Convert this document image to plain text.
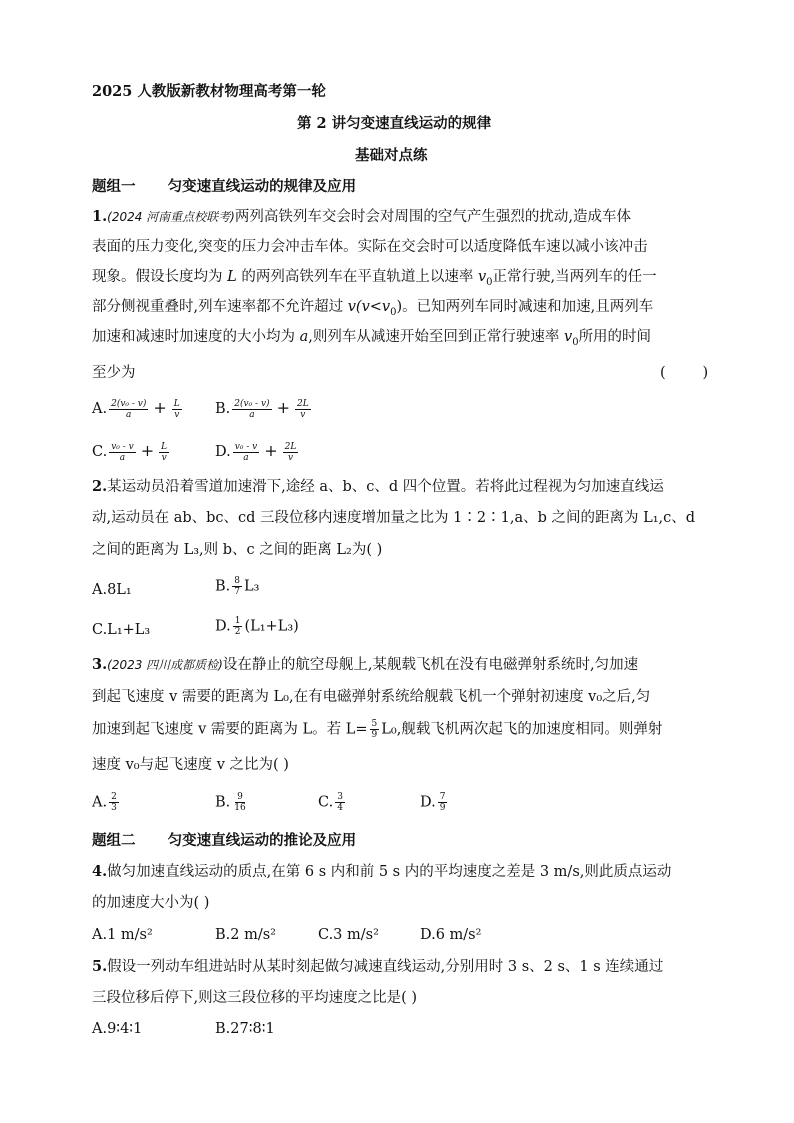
2025 人教版新教材物理高考第一轮
第 2 讲匀变速直线运动的规律
基础对点练
题组一 匀变速直线运动的规律及应用
1.(2024 河南重点校联考)两列高铁列车交会时会对周围的空气产生强烈的扰动,造成车体
表面的压力变化,突变的压力会冲击车体。实际在交会时可以适度降低车速以减小该冲击
现象。假设长度均为 L 的两列高铁列车在平直轨道上以速率 $v_0$正常行驶,当两列车的任一
部分侧视重叠时,列车速率都不允许超过 $v(v<v_0)$。已知两列车同时减速和加速,且两列车
加速和减速时加速度的大小均为 a,则列车从减速开始至回到正常行驶速率 $v_0$所用的时间
至少为	(        )
A. $\frac{\text{2(v₀ - v)}}{a} + \frac{L}{v} B$. $\frac{\text{2(v₀ - v)}}{a} + \frac{2L}{v}$
C. $\frac{\text{v₀ - v}}{a} + \frac{L}{v}$	D. $\frac{\text{v₀ - v}}{a} + \frac{2L}{v}$
2.某运动员沿着雪道加速滑下,途经 a、b、c、d 四个位置。若将此过程视为匀加速直线运
动,运动员在 ab、bc、cd 三段位移内速度增加量之比为 1∶2∶1,a、b 之间的距离为 L₁,c、d
之间的距离为 L₃,则 b、c 之间的距离 L₂为( )
A.8L₁	B. $\frac{8}{7} L_3$
C.L₁+L₃	D. $\frac{1}{2} (L_1+L_3)$
3.(2023 四川成都质检)设在静止的航空母舰上,某舰载飞机在没有电磁弹射系统时,匀加速
到起飞速度 v 需要的距离为 L₀,在有电磁弹射系统给舰载飞机一个弹射初速度 v₀之后,匀
加速到起飞速度 v 需要的距离为 L。若 $L= \frac{5}{9} L_0$,舰载飞机两次起飞的加速度相同。则弹射
速度 v₀与起飞速度 v 之比为( )
A. $\frac{2}{3}$	B. $\frac{9}{16}$	C. $\frac{3}{4}$	D. $\frac{7}{9}$
题组二 匀变速直线运动的推论及应用
4.做匀加速直线运动的质点,在第 6 s 内和前 5 s 内的平均速度之差是 3 m/s,则此质点运动
的加速度大小为( )
A.1 m/s²	B.2 m/s²	C.3 m/s²	D.6 m/s²
5.假设一列动车组进站时从某时刻起做匀减速直线运动,分别用时 3 s、2 s、1 s 连续通过
三段位移后停下,则这三段位移的平均速度之比是( )
A.9∶4∶1	B.27∶8∶1
